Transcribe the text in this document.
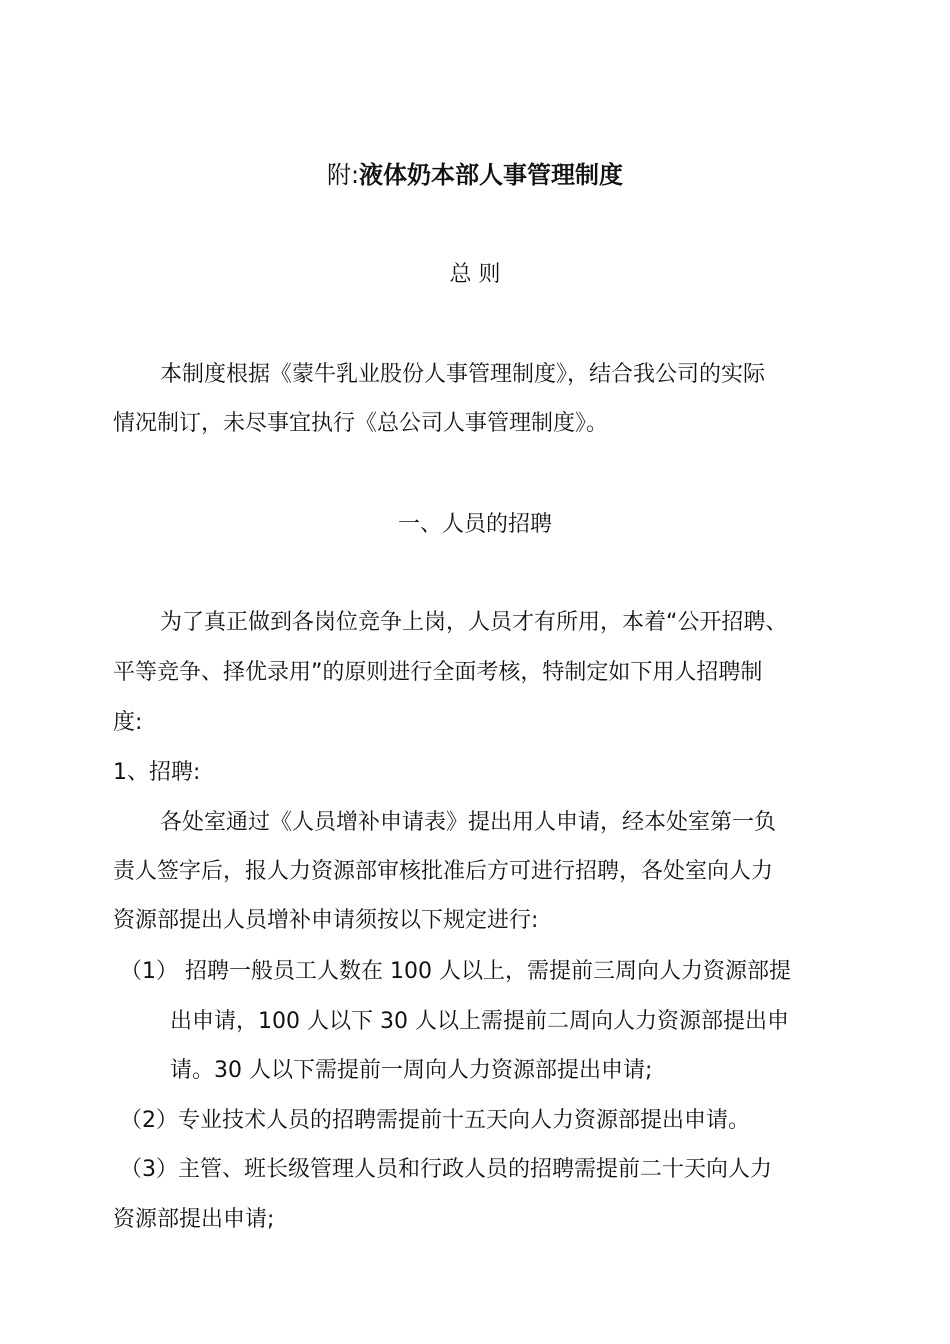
附:液体奶本部人事管理制度
总 则
本制度根据《蒙牛乳业股份人事管理制度》，结合我公司的实际
情况制订，未尽事宜执行《总公司人事管理制度》。
一、人员的招聘
为了真正做到各岗位竞争上岗，人员才有所用，本着“公开招聘、
平等竞争、择优录用”的原则进行全面考核，特制定如下用人招聘制
度:
1、招聘:
各处室通过《人员增补申请表》提出用人申请，经本处室第一负
责人签字后，报人力资源部审核批准后方可进行招聘，各处室向人力
资源部提出人员增补申请须按以下规定进行:
（1） 招聘一般员工人数在 100 人以上，需提前三周向人力资源部提
出申请，100 人以下 30 人以上需提前二周向人力资源部提出申
请。30 人以下需提前一周向人力资源部提出申请;
（2）专业技术人员的招聘需提前十五天向人力资源部提出申请。
（3）主管、班长级管理人员和行政人员的招聘需提前二十天向人力
资源部提出申请;
